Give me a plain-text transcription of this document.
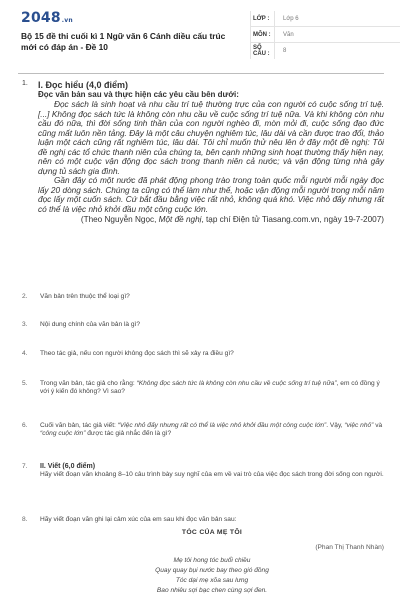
2048.vn
Bộ 15 đề thi cuối kì 1 Ngữ văn 6 Cánh diều cấu trúc mới có đáp án - Đề 10
LỚP :	Lớp 6
MÔN :	Văn
SỐ CÂU :	8
1.	I. Đọc hiểu (4,0 điểm)
Đọc văn bản sau và thực hiện các yêu cầu bên dưới:

Đọc sách là sinh hoạt và nhu cầu trí tuệ thường trực của con người có cuộc sống trí tuệ. [...] Không đọc sách tức là không còn nhu cầu về cuộc sống trí tuệ nữa. Và khi không còn nhu cầu đó nữa, thì đời sống tinh thần của con người nghèo đi, mòn mỏi đi, cuộc sống đạo đức cũng mất luôn nền tảng. Đây là một câu chuyện nghiêm túc, lâu dài và cần được trao đổi, thảo luận một cách cũng rất nghiêm túc, lâu dài. Tôi chỉ muốn thử nêu lên ở đây một đề nghị: Tôi đề nghị các tổ chức thanh niên của chúng ta, bên cạnh những sinh hoạt thường thấy hiện nay, nên có một cuộc vận động đọc sách trong thanh niên cả nước; và vận động từng nhà gây dựng tủ sách gia đình.

Gần đây có một nước đã phát động phong trào trong toàn quốc mỗi người mỗi ngày đọc lấy 20 dòng sách. Chúng ta cũng có thể làm như thế, hoặc vận động mỗi người trong mỗi năm đọc lấy một cuốn sách. Cứ bắt đầu bằng việc rất nhỏ, không quá khó. Việc nhỏ đấy nhưng rất có thể là việc nhỏ khởi đầu một công cuộc lớn.

(Theo Nguyễn Ngọc, Một đề nghị, tạp chí Điện tử Tiasang.com.vn, ngày 19-7-2007)
2.	Văn bản trên thuộc thể loại gì?
3.	Nội dung chính của văn bản là gì?
4.	Theo tác giả, nếu con người không đọc sách thì sẽ xảy ra điều gì?
5.	Trong văn bản, tác giả cho rằng: “Không đọc sách tức là không còn nhu cầu về cuộc sống trí tuệ nữa”, em có đồng ý với ý kiến đó không? Vì sao?
6.	Cuối văn bản, tác giả viết: “Việc nhỏ đấy nhưng rất có thể là việc nhỏ khởi đầu một công cuộc lớn”. Vậy, “việc nhỏ” và “công cuộc lớn” được tác giả nhắc đến là gì?
7.	II. Viết (6,0 điểm)
Hãy viết đoạn văn khoảng 8–10 câu trình bày suy nghĩ của em về vai trò của việc đọc sách trong đời sống con người.
8.	Hãy viết đoạn văn ghi lại cảm xúc của em sau khi đọc văn bản sau:
TÓC CỦA MẸ TÔI
(Phan Thị Thanh Nhàn)
Mẹ tôi hong tóc buổi chiều
Quay quay bụi nước bay theo gió đồng
Tóc dại mẹ xõa sau lưng
Bao nhiêu sợi bạc chen cùng sợi đen.
